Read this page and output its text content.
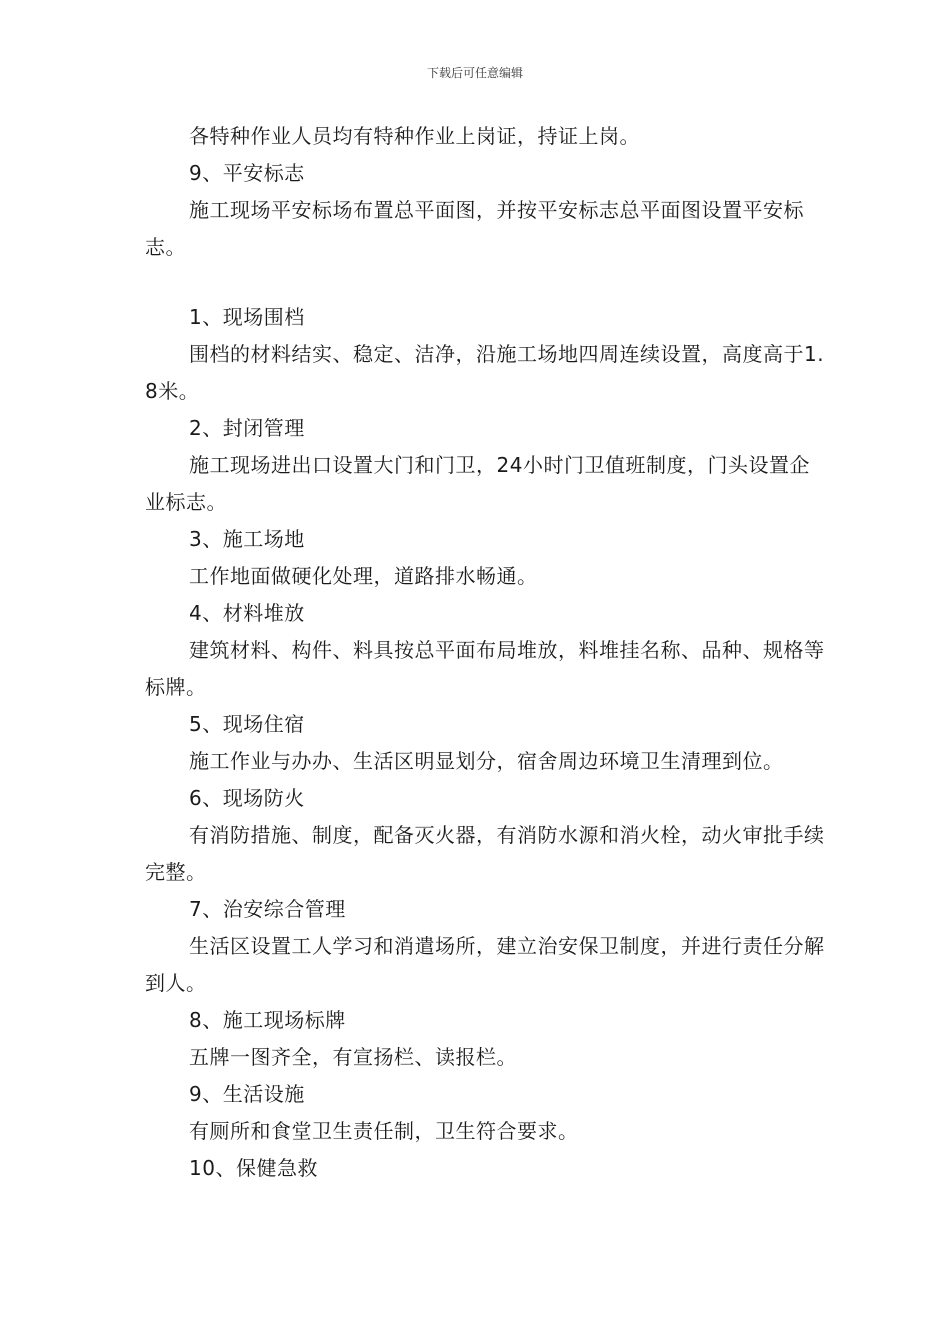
下载后可任意编辑

各特种作业人员均有特种作业上岗证，持证上岗。

9、平安标志

施工现场平安标场布置总平面图，并按平安标志总平面图设置平安标志。

1、现场围档

围档的材料结实、稳定、洁净，沿施工场地四周连续设置，高度高于1.8米。

2、封闭管理

施工现场进出口设置大门和门卫，24小时门卫值班制度，门头设置企业标志。

3、施工场地

工作地面做硬化处理，道路排水畅通。

4、材料堆放

建筑材料、构件、料具按总平面布局堆放，料堆挂名称、品种、规格等标牌。

5、现场住宿

施工作业与办办、生活区明显划分，宿舍周边环境卫生清理到位。

6、现场防火

有消防措施、制度，配备灭火器，有消防水源和消火栓，动火审批手续完整。

7、治安综合管理

生活区设置工人学习和消遣场所，建立治安保卫制度，并进行责任分解到人。

8、施工现场标牌

五牌一图齐全，有宣扬栏、读报栏。

9、生活设施

有厕所和食堂卫生责任制，卫生符合要求。

10、保健急救
